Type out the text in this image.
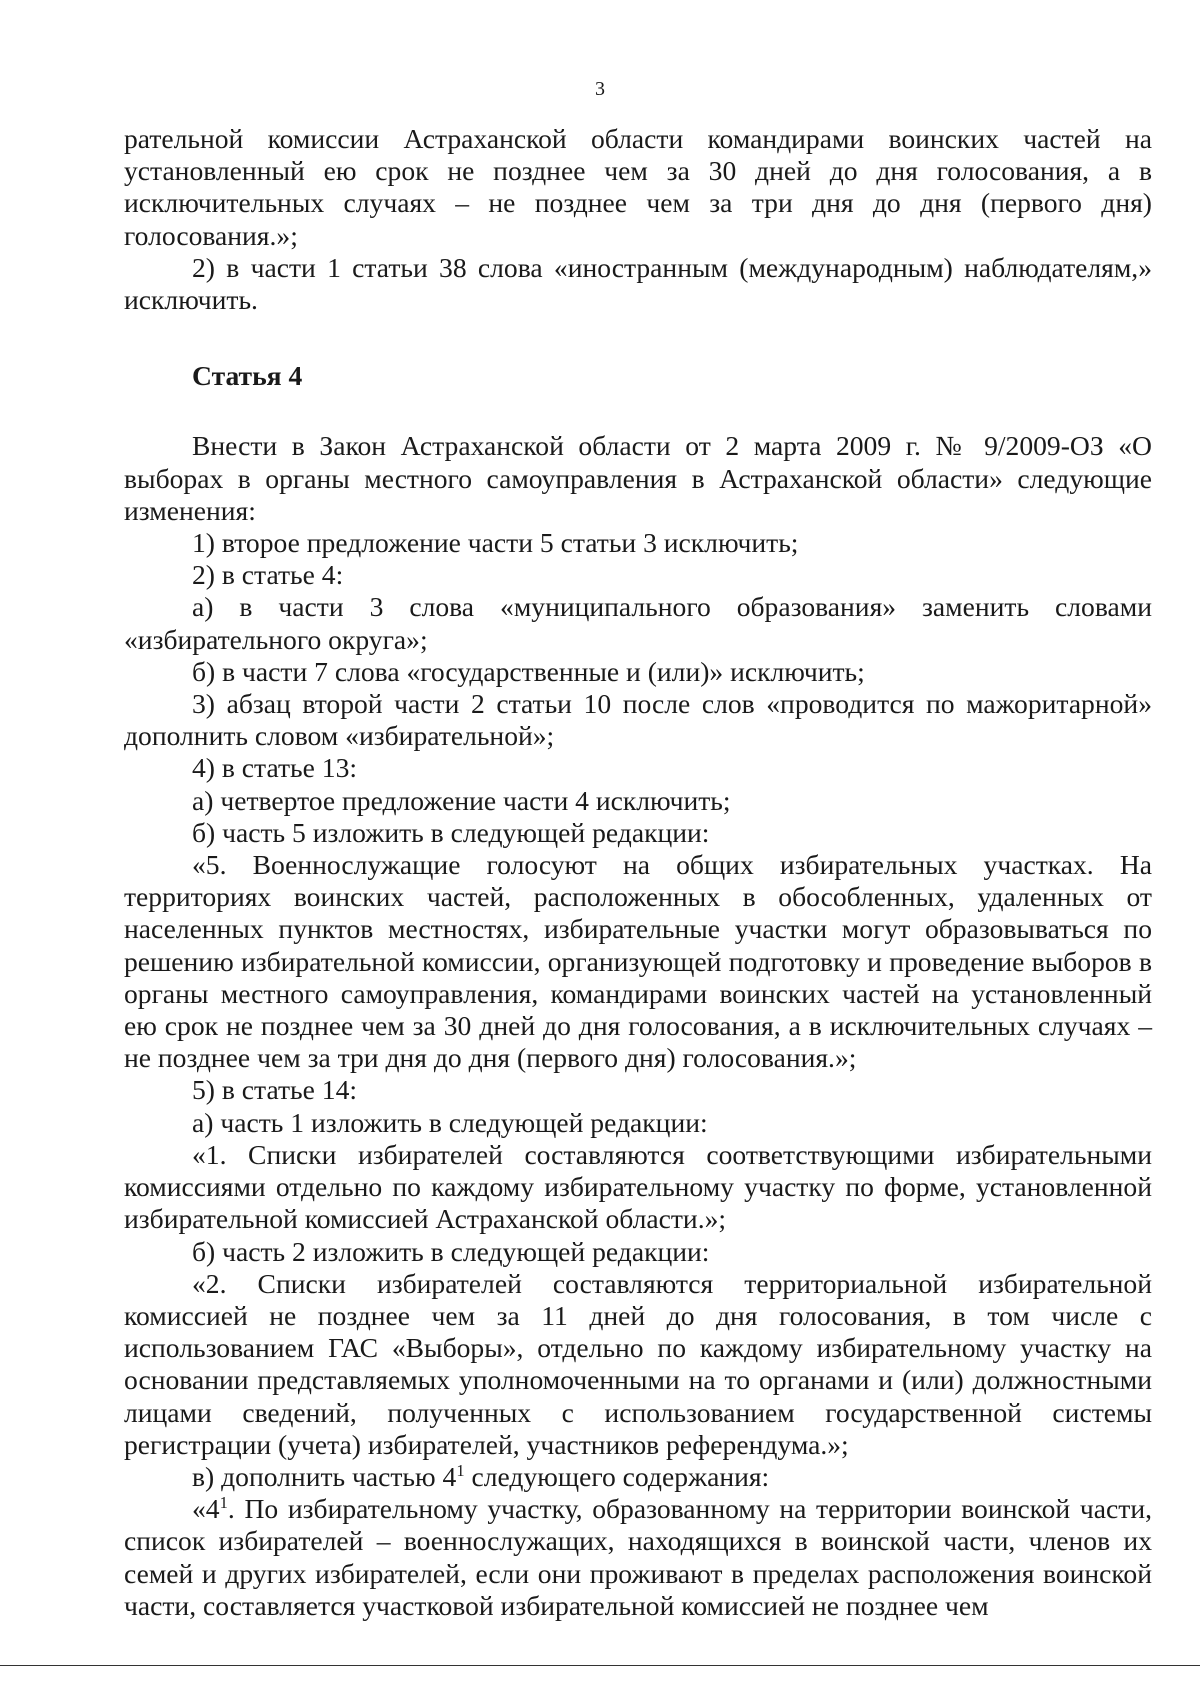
3

рательной комиссии Астраханской области командирами воинских частей на установленный ею срок не позднее чем за 30 дней до дня голосования, а в исключительных случаях – не позднее чем за три дня до дня (первого дня) голосования.»;

2) в части 1 статьи 38 слова «иностранным (международным) наблюдателям,» исключить.

Статья 4

Внести в Закон Астраханской области от 2 марта 2009 г. № 9/2009-ОЗ «О выборах в органы местного самоуправления в Астраханской области» следующие изменения:

1) второе предложение части 5 статьи 3 исключить;

2) в статье 4:

а) в части 3 слова «муниципального образования» заменить словами «избирательного округа»;

б) в части 7 слова «государственные и (или)» исключить;

3) абзац второй части 2 статьи 10 после слов «проводится по мажоритарной» дополнить словом «избирательной»;

4) в статье 13:

а) четвертое предложение части 4 исключить;

б) часть 5 изложить в следующей редакции:

«5. Военнослужащие голосуют на общих избирательных участках. На территориях воинских частей, расположенных в обособленных, удаленных от населенных пунктов местностях, избирательные участки могут образовываться по решению избирательной комиссии, организующей подготовку и проведение выборов в органы местного самоуправления, командирами воинских частей на установленный ею срок не позднее чем за 30 дней до дня голосования, а в исключительных случаях – не позднее чем за три дня до дня (первого дня) голосования.»;

5) в статье 14:

а) часть 1 изложить в следующей редакции:

«1. Списки избирателей составляются соответствующими избирательными комиссиями отдельно по каждому избирательному участку по форме, установленной избирательной комиссией Астраханской области.»;

б) часть 2 изложить в следующей редакции:

«2. Списки избирателей составляются территориальной избирательной комиссией не позднее чем за 11 дней до дня голосования, в том числе с использованием ГАС «Выборы», отдельно по каждому избирательному участку на основании представляемых уполномоченными на то органами и (или) должностными лицами сведений, полученных с использованием государственной системы регистрации (учета) избирателей, участников референдума.»;

в) дополнить частью $4^1$ следующего содержания:

«$4^1$. По избирательному участку, образованному на территории воинской части, список избирателей – военнослужащих, находящихся в воинской части, членов их семей и других избирателей, если они проживают в пределах расположения воинской части, составляется участковой избирательной комиссией не позднее чем
